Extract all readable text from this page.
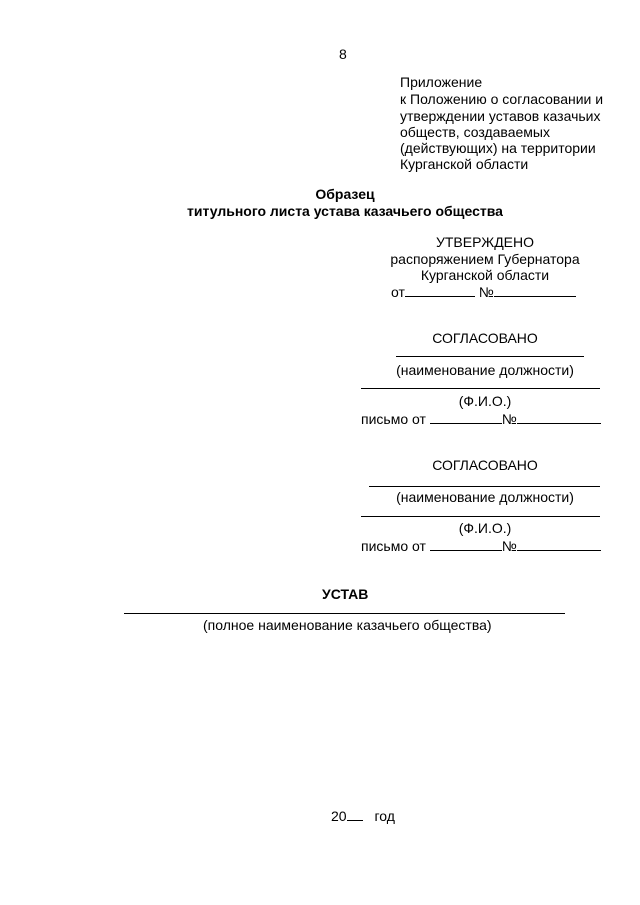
8
Приложение
к Положению о согласовании и
утверждении уставов казачьих
обществ, создаваемых
(действующих) на территории
Курганской области
Образец
титульного листа устава казачьего общества
УТВЕРЖДЕНО
распоряжением Губернатора
Курганской области
от	№
СОГЛАСОВАНО
(наименование должности)
(Ф.И.О.)
письмо от	№
СОГЛАСОВАНО
(наименование должности)
(Ф.И.О.)
письмо от	№
УСТАВ
(полное наименование казачьего общества)
20 год
